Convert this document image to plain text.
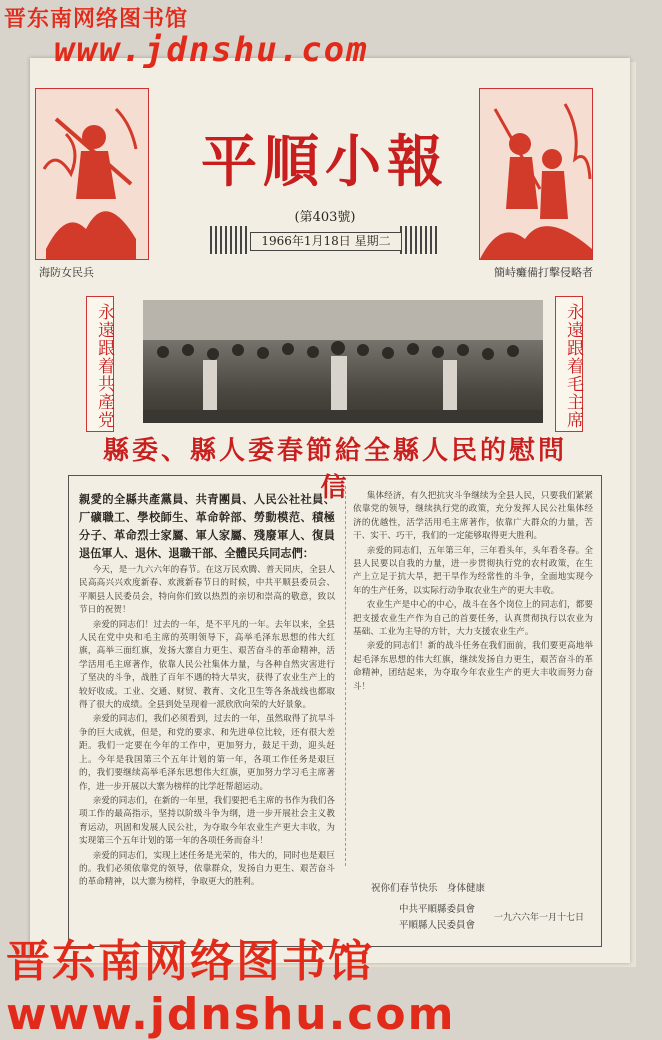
晋东南网络图书馆
www.jdnshu.com
海防女民兵
平順小報
(第403號)
1966年1月18日 星期二
簡峙癱備打擊侵略者
永遠跟着共產党	永遠跟着毛主席
縣委、縣人委春節給全縣人民的慰問信
親愛的全縣共產黨員、共青團員、人民公社社員、厂礦職工、學校師生、革命幹部、勞動模范、積極分子、革命烈士家屬、軍人家屬、殘廢軍人、復員退伍軍人、退休、退職干部、全體民兵同志們：

今天，是一九六六年的春节。在这万民欢腾、普天同庆，全县人民高高兴兴欢度新春、欢渡新春节日的时候，中共平顺县委员会、平顺县人民委员会，特向你们致以热烈的亲切和崇高的敬意，致以节日的祝贺！

亲爱的同志们！过去的一年，是不平凡的一年。去年以来，全县人民在党中央和毛主席的英明领导下，高举毛泽东思想的伟大红旗，高举三面红旗，发扬大寨自力更生、艰苦奋斗的革命精神，活学活用毛主席著作，依靠人民公社集体力量，与各种自然灾害进行了坚决的斗争，战胜了百年不遇的特大旱灾，获得了农业生产上的较好收成。工业、交通、财贸、教育、文化卫生等各条战线也都取得了很大的成绩。全县到处呈现着一派欣欣向荣的大好景象。

亲爱的同志们，我们必须看到，过去的一年，虽然取得了抗旱斗争的巨大成就，但是，和党的要求、和先进单位比较，还有很大差距。我们一定要在今年的工作中，更加努力，鼓足干劲，迎头赶上。今年是我国第三个五年计划的第一年，各项工作任务是艰巨的，我们要继续高举毛泽东思想伟大红旗，更加努力学习毛主席著作，进一步开展以大寨为榜样的比学赶帮超运动。

亲爱的同志们，在新的一年里，我们要把毛主席的书作为我们各项工作的最高指示，坚持以阶级斗争为纲，进一步开展社会主义教育运动，巩固和发展人民公社，为夺取今年农业生产更大丰收，为实现第三个五年计划的第一年的各项任务而奋斗！

亲爱的同志们，实现上述任务是光荣的，伟大的，同时也是艰巨的。我们必须依靠党的领导，依靠群众，发扬自力更生、艰苦奋斗的革命精神，以大寨为榜样，争取更大的胜利。

集体经济，有久把抗灾斗争继续为全县人民，只要我们紧紧依靠党的领导，继续执行党的政策，充分发挥人民公社集体经济的优越性，活学活用毛主席著作，依靠广大群众的力量，苦干、实干、巧干，我们的一定能够取得更大胜利。

亲爱的同志们，五年第三年，三年看头年，头年看冬春。全县人民要以自我的力量，进一步贯彻执行党的农村政策，在生产上立足于抗大旱，把干旱作为经常性的斗争，全面地实现今年的生产任务，以实际行动争取农业生产的更大丰收。

农业生产是中心的中心，战斗在各个岗位上的同志们，都要把支援农业生产作为自己的首要任务，认真贯彻执行以农业为基础、工业为主导的方针，大力支援农业生产。

亲爱的同志们！新的战斗任务在我们面前，我们要更高地举起毛泽东思想的伟大红旗，继续发扬自力更生，艰苦奋斗的革命精神，团结起来，为夺取今年农业生产的更大丰收而努力奋斗！

祝你们春节快乐　身体健康
中共平順縣委員會
平順縣人民委員會
一九六六年一月十七日
晋东南网络图书馆www.jdnshu.com
